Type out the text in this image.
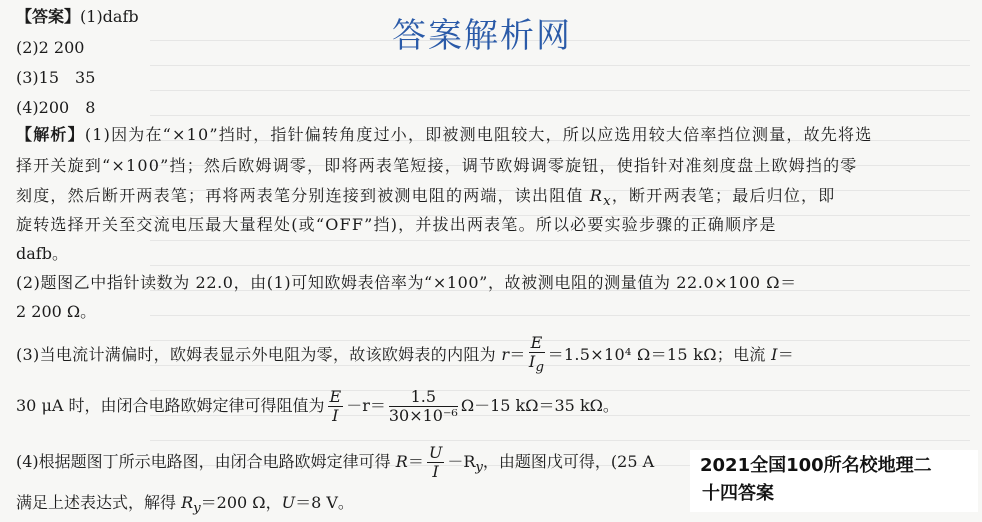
答案解析网
【答案】(1)dafb
(2)2 200
(3)15　35
(4)200　8
【解析】(1)因为在“×10”挡时，指针偏转角度过小，即被测电阻较大，所以应选用较大倍率挡位测量，故先将选
择开关旋到“×100”挡；然后欧姆调零，即将两表笔短接，调节欧姆调零旋钮，使指针对准刻度盘上欧姆挡的零
刻度，然后断开两表笔；再将两表笔分别连接到被测电阻的两端，读出阻值 $R_x$，断开两表笔；最后归位，即
旋转选择开关至交流电压最大量程处(或“OFF”挡)，并拔出两表笔。所以必要实验步骤的正确顺序是
dafb。
(2)题图乙中指针读数为 22.0，由(1)可知欧姆表倍率为“×100”，故被测电阻的测量值为 22.0×100 Ω＝
2 200 Ω。
(3)当电流计满偏时，欧姆表显示外电阻为零，故该欧姆表的内阻为 $r= \frac{E}{I_g} =1.5\times 10^4$ Ω＝15 kΩ；电流 I＝
30 μA 时，由闭合电路欧姆定律可得阻值为 $\frac{E}{I} -r= \frac{1.5}{\text{30×10⁻⁶}} \Omega-15$ kΩ＝35 kΩ。
(4)根据题图丁所示电路图，由闭合电路欧姆定律可得 $R= \frac{U}{I} -R_y$，由题图戊可得，(25 A
满足上述表达式，解得 $R_y=200$ Ω，U＝8 V。
2021全国100所名校地理二
十四答案
